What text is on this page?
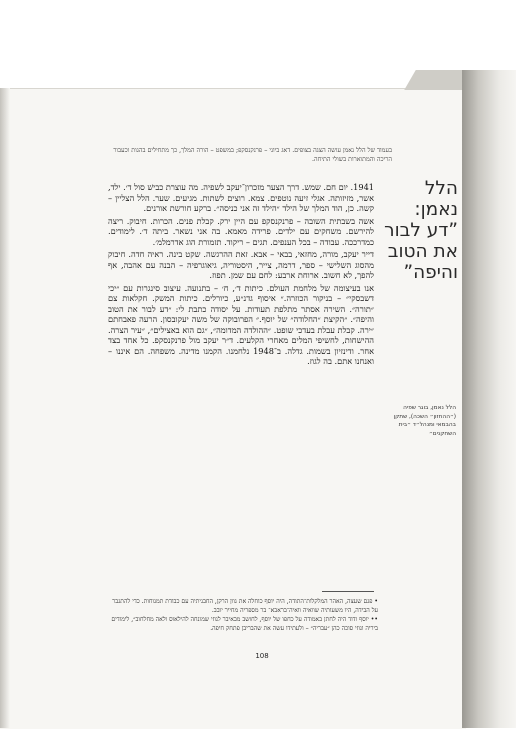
בעמוד של הלל נאמן עושה הצגה בצופים. דאג ביוני – פרנקנסקפ; במשפט – הורה המלך, כך מתחילים בהגות וכעבור הריכה והמתוארות בשולי התיחה.
הלל נאמן: ”דע לבור את הטוב והיפה”

1941. יום חם. שמש. דרך הצער מזכרון־יעקב לשפיה. מה עוצרת כבישׁ סול ד׳. ילד, אשר, מזיזותה. אגלי זיעה נוטפים. צמא. רוצים לשתות. מגיעים. שער. הלל הצליין – קשה. כן, הוד המלך של הילד ״הילד זה אני כניסה״. ברקע חורשת אורנים.

אשה בשבתית השובה – פרנקנסקפ עם היין ירק. קבלת פנים. הכרות. חיבוק. ריצה להירשם. משחקים עם ילדים. פרידה מאמא. בה אני נשאר. ביתה ד׳. לימודים. כמדרככה. עבודה – בכל הענפים. תגים – ריקוד. תזמורת הוג אדרמלמ׳.

דייר יעקב, מורה, מחזאי, בבאי – אבא. זאת ההרגשה. שקט בינה. ראיה חדה. חיבוק מהסוג השלישי – ספר, דרמה, צייר, היסטוריה, גיאוגרפיה – הבנה עם אהבה, אף להפך, לא חשוב. ארוחת ארבע: לחם עם שמן. תפוז.

אנו בעיצומה של מלחמת העולם. כיתות ד׳, ח׳ – בתנועה. עיצוב סינגרות עם ״יכי דשבסקי״ – בניקור הכוזרה.״ איסוף גדנ״ע, כיורלים. כיתות המשק. חקלאות צם ״תורה״. השירה אסתר מתלפת תעודות. על יסודה כתבת לי: ״דע לבור את הטוב והיפה״. ״הקיצת ״החלודה״ של יוסף.״ הפרובוקה של משה יעקובסון. הרעה פאבחתם ״ירה. קבלת עבלת בעדכי שופט. ״ההולדה המדומה״, ״גם הוא באצילים״, ״עיר הצרה. ההישחות, לחשיפי המלים מאחרי הקלעים. ד״ר יעקב מול פרנקנסקפ. כל אחד בצד אחר. ודינזיון בשמות. גדלה. ב־1948 נלחמנו. הקמנו מדינה. משפחה. הם איננו – ואנחנו אתם. בה לגוז.

הלל נאמן, בוגר שפיה (״ההחזון״ השכה), שתקן בהבמאי ומנהל״ד ״בית השחקנים״
• פגם שעצה, האהר המלקלות־התודה, היה יוסף כוחלה את גוון הרקן, החבניתיה עם כבודת תמנוחות. כדי להתגבר על הבידה, היו משעותיה שוואיה וואיה־בראבא־ בר מספריה מחייר יובב.
•• יוסף ודוד היה לחתן באמודה על כחפו של יוסף, לחושב מבאיבר לנוזי שמונחה להילאוס ולאה מחלחוב״, לימודים ביריה ונוזי סוכה כהן ״עבריה״ – ולעתידו עשה את שהבריבן פתחק חיפה.
108
